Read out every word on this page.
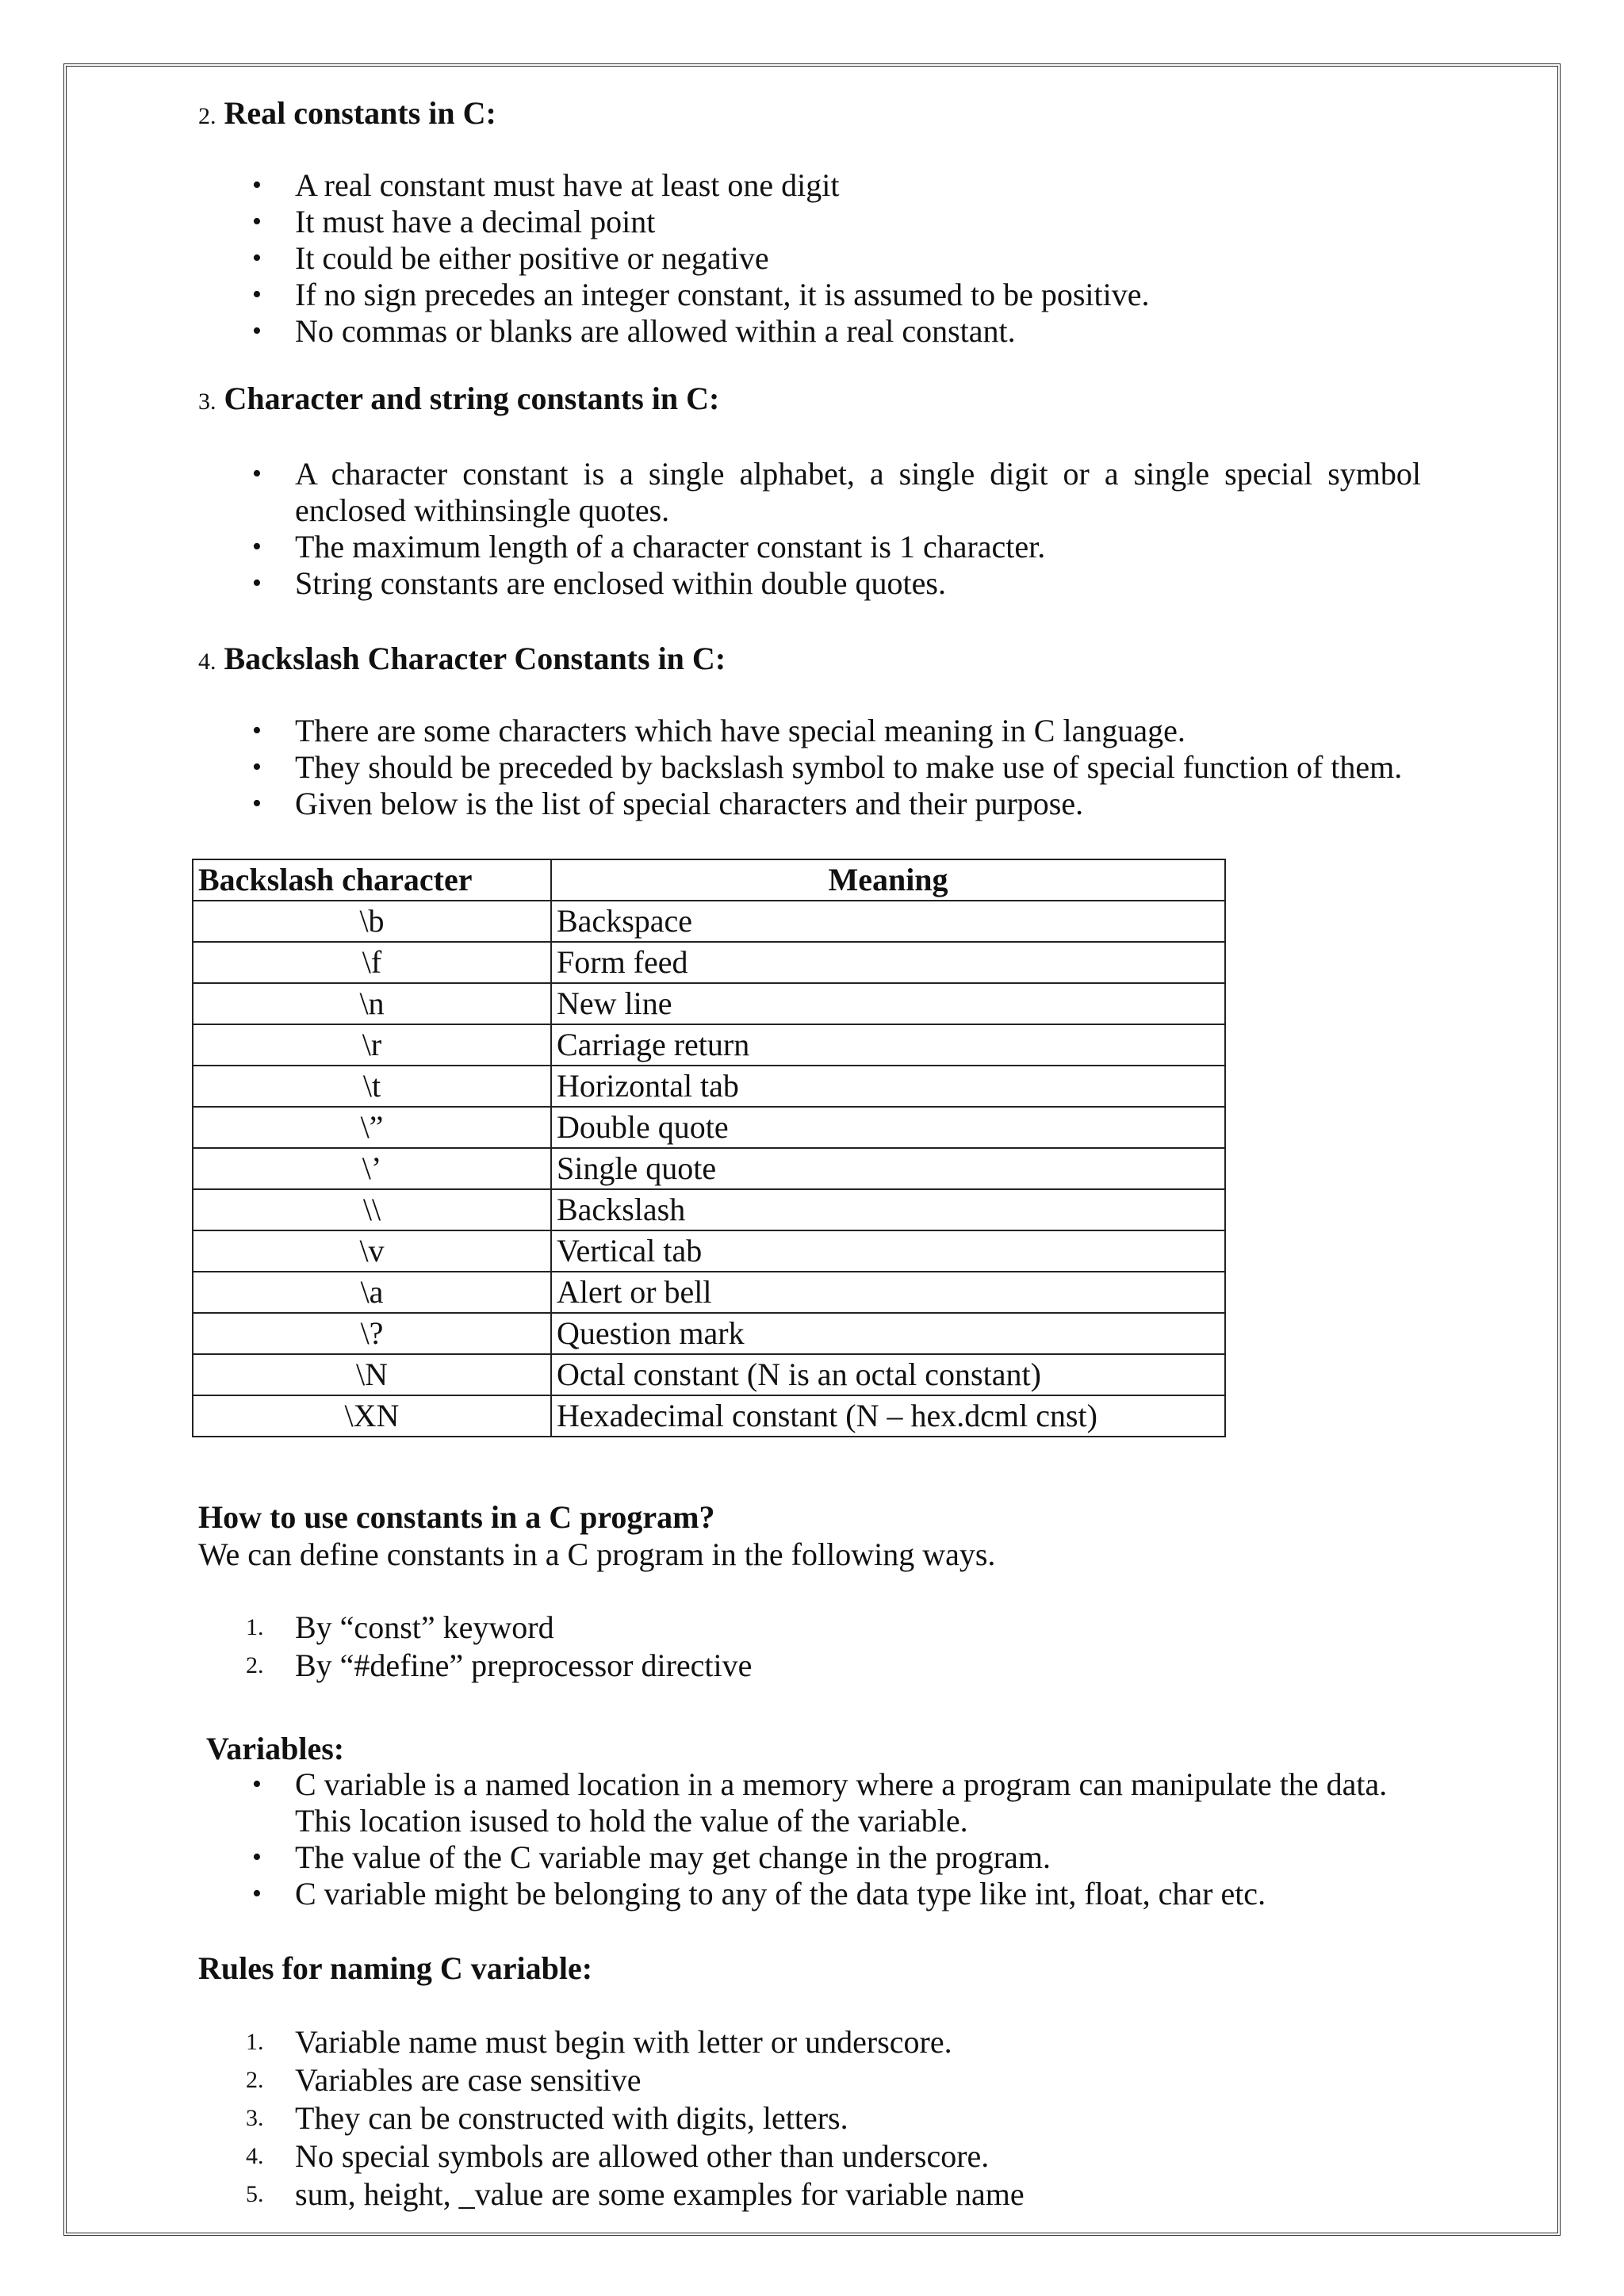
2. Real constants in C:
• A real constant must have at least one digit
• It must have a decimal point
• It could be either positive or negative
• If no sign precedes an integer constant, it is assumed to be positive.
• No commas or blanks are allowed within a real constant.
3. Character and string constants in C:
• A character constant is a single alphabet, a single digit or a single special symbol enclosed withinsingle quotes.
• The maximum length of a character constant is 1 character.
• String constants are enclosed within double quotes.
4. Backslash Character Constants in C:
• There are some characters which have special meaning in C language.
• They should be preceded by backslash symbol to make use of special function of them.
• Given below is the list of special characters and their purpose.
Backslash character	Meaning
\b	Backspace
\f	Form feed
\n	New line
\r	Carriage return
\t	Horizontal tab
\”	Double quote
\’	Single quote
\\	Backslash
\v	Vertical tab
\a	Alert or bell
\?	Question mark
\N	Octal constant (N is an octal constant)
\XN	Hexadecimal constant (N – hex.dcml cnst)
How to use constants in a C program?
We can define constants in a C program in the following ways.
1. By “const” keyword
2. By “#define” preprocessor directive
Variables:
• C variable is a named location in a memory where a program can manipulate the data. This location isused to hold the value of the variable.
• The value of the C variable may get change in the program.
• C variable might be belonging to any of the data type like int, float, char etc.
Rules for naming C variable:
1. Variable name must begin with letter or underscore.
2. Variables are case sensitive
3. They can be constructed with digits, letters.
4. No special symbols are allowed other than underscore.
5. sum, height, _value are some examples for variable name
